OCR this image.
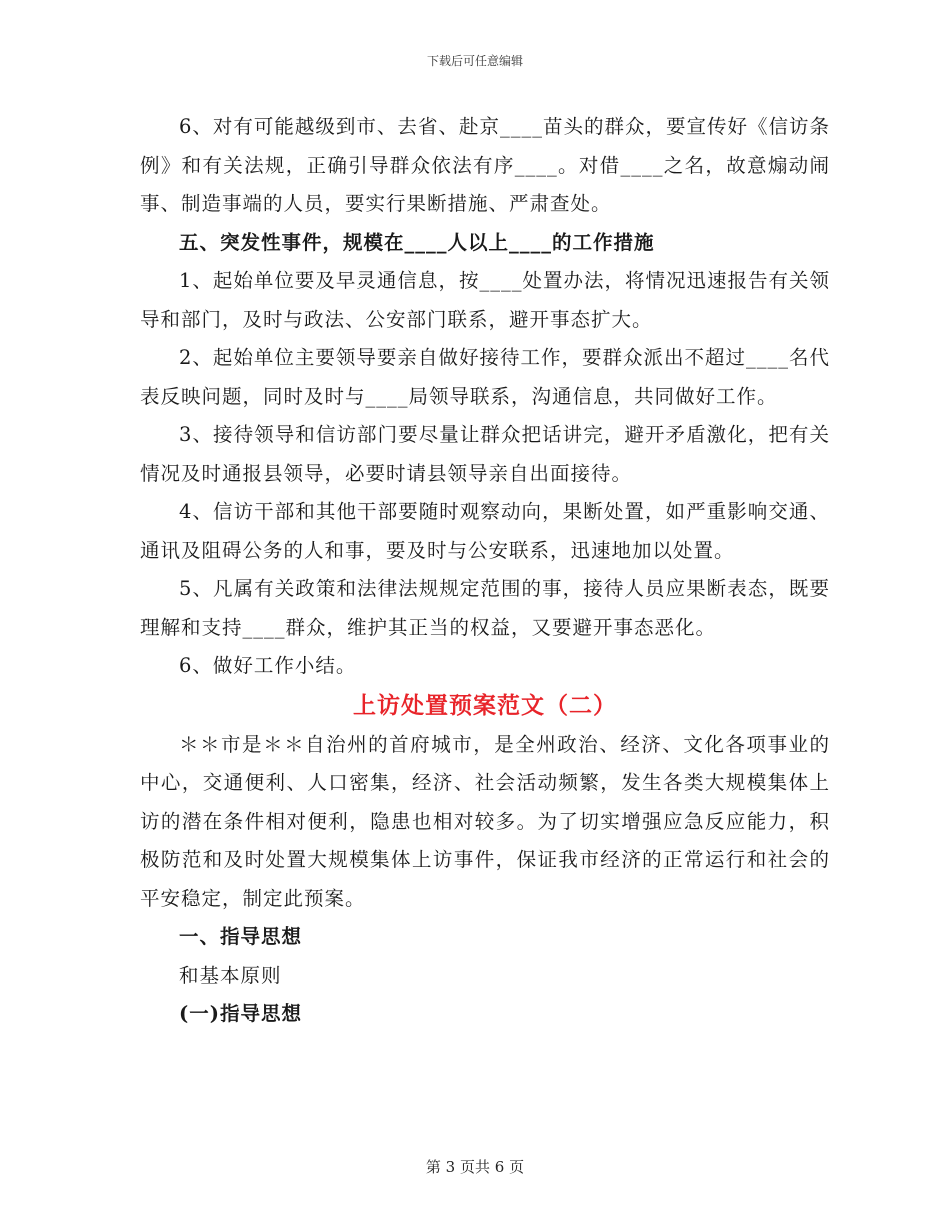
下载后可任意编辑

6、对有可能越级到市、去省、赴京____苗头的群众，要宣传好《信访条例》和有关法规，正确引导群众依法有序____。对借____之名，故意煽动闹事、制造事端的人员，要实行果断措施、严肃查处。

五、突发性事件，规模在____人以上____的工作措施

1、起始单位要及早灵通信息，按____处置办法，将情况迅速报告有关领导和部门，及时与政法、公安部门联系，避开事态扩大。

2、起始单位主要领导要亲自做好接待工作，要群众派出不超过____名代表反映问题，同时及时与____局领导联系，沟通信息，共同做好工作。

3、接待领导和信访部门要尽量让群众把话讲完，避开矛盾激化，把有关情况及时通报县领导，必要时请县领导亲自出面接待。

4、信访干部和其他干部要随时观察动向，果断处置，如严重影响交通、通讯及阻碍公务的人和事，要及时与公安联系，迅速地加以处置。

5、凡属有关政策和法律法规规定范围的事，接待人员应果断表态，既要理解和支持____群众，维护其正当的权益，又要避开事态恶化。

6、做好工作小结。

上访处置预案范文（二）

＊＊市是＊＊自治州的首府城市，是全州政治、经济、文化各项事业的中心，交通便利、人口密集，经济、社会活动频繁，发生各类大规模集体上访的潜在条件相对便利，隐患也相对较多。为了切实增强应急反应能力，积极防范和及时处置大规模集体上访事件，保证我市经济的正常运行和社会的平安稳定，制定此预案。

一、指导思想

和基本原则

(一)指导思想

第 3 页共 6 页
